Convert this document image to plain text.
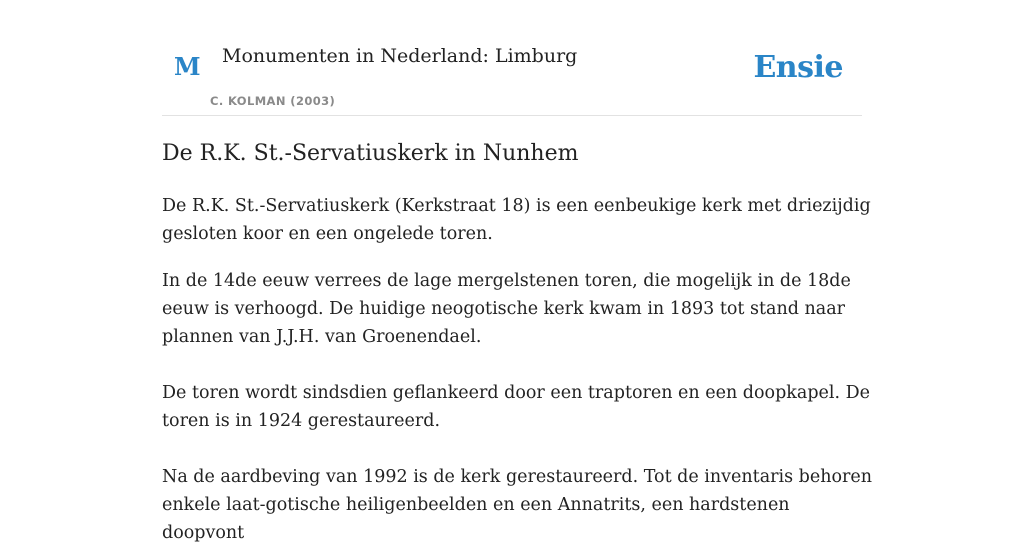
M Monumenten in Nederland: Limburg
C. KOLMAN (2003)
Ensie
De R.K. St.-Servatiuskerk in Nunhem

De R.K. St.-Servatiuskerk (Kerkstraat 18) is een eenbeukige kerk met driezijdig gesloten koor en een ongelede toren.

In de 14de eeuw verrees de lage mergelstenen toren, die mogelijk in de 18de eeuw is verhoogd. De huidige neogotische kerk kwam in 1893 tot stand naar plannen van J.J.H. van Groenendael.

De toren wordt sindsdien geflankeerd door een traptoren en een doopkapel. De toren is in 1924 gerestaureerd.

Na de aardbeving van 1992 is de kerk gerestaureerd. Tot de inventaris behoren enkele laat-gotische heiligenbeelden en een Annatrits, een hardstenen doopvont
